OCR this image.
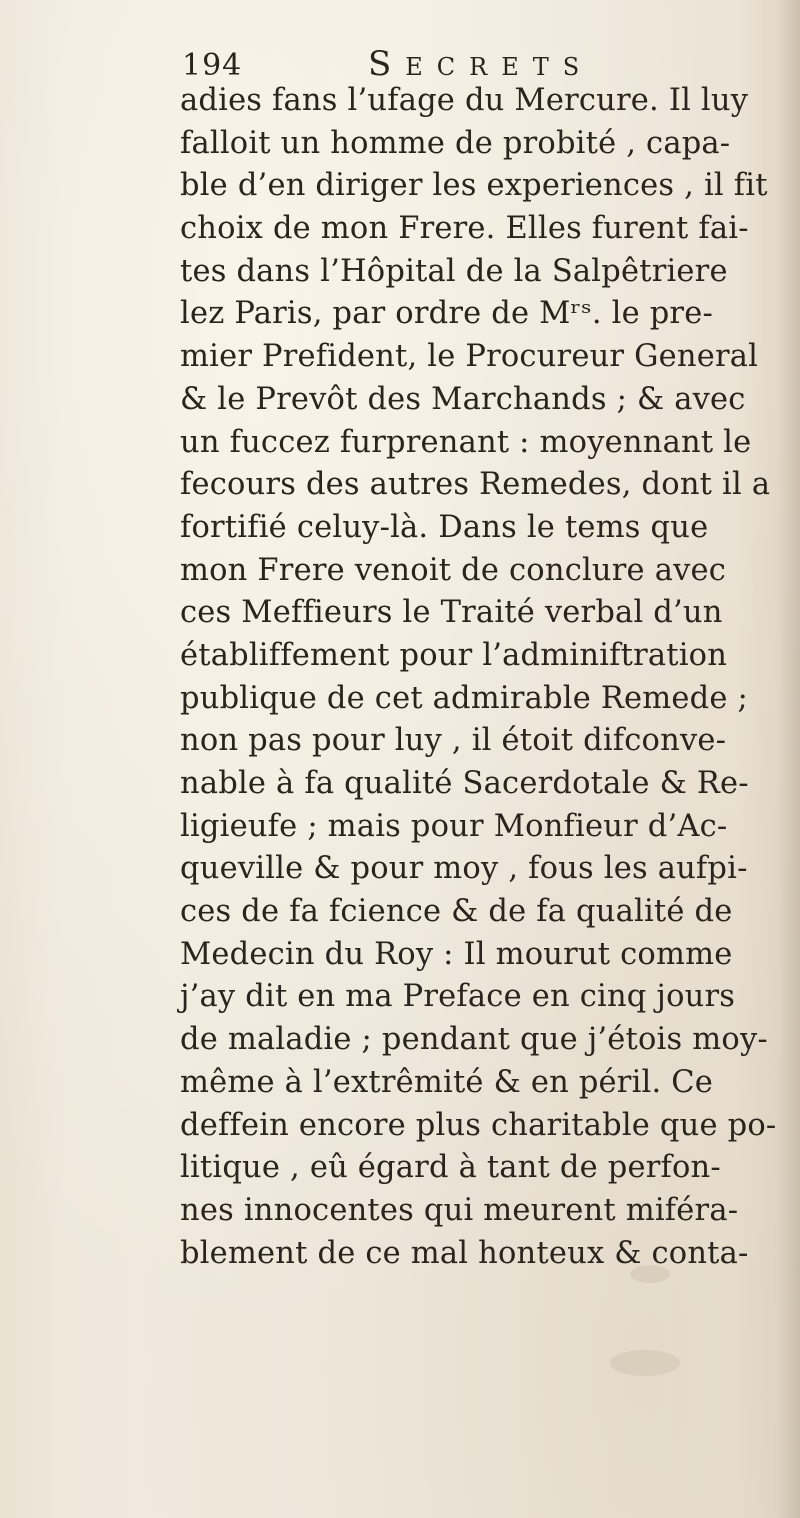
194	Secrets
adies fans l’ufage du Mercure. Il luy
falloit un homme de probité , capa-
ble d’en diriger les experiences , il fit
choix de mon Frere. Elles furent fai-
tes dans l’Hôpital de la Salpêtriere
lez Paris, par ordre de Mʳˢ. le pre-
mier Prefident, le Procureur General
& le Prevôt des Marchands ; & avec
un fuccez furprenant : moyennant le
fecours des autres Remedes, dont il a
fortifié celuy-là. Dans le tems que
mon Frere venoit de conclure avec
ces Meffieurs le Traité verbal d’un
établiffement pour l’adminiftration
publique de cet admirable Remede ;
non pas pour luy , il étoit difconve-
nable à fa qualité Sacerdotale & Re-
ligieufe ; mais pour Monfieur d’Ac-
queville & pour moy , fous les aufpi-
ces de fa fcience & de fa qualité de
Medecin du Roy : Il mourut comme
j’ay dit en ma Preface en cinq jours
de maladie ; pendant que j’étois moy-
même à l’extrêmité & en péril. Ce
deffein encore plus charitable que po-
litique , eû égard à tant de perfon-
nes innocentes qui meurent miféra-
blement de ce mal honteux & conta-
